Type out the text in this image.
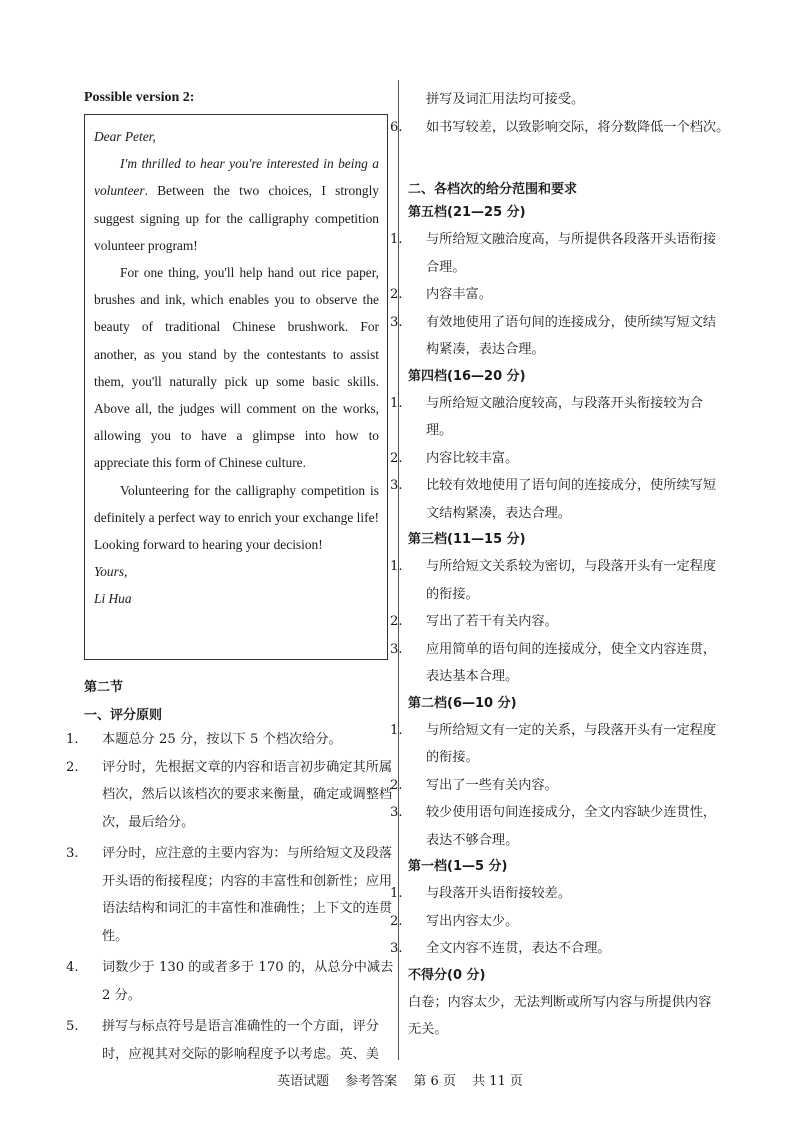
Possible version 2:

Dear Peter,

I'm thrilled to hear you're interested in being a volunteer. Between the two choices, I strongly suggest signing up for the calligraphy competition volunteer program!

For one thing, you'll help hand out rice paper, brushes and ink, which enables you to observe the beauty of traditional Chinese brushwork. For another, as you stand by the contestants to assist them, you'll naturally pick up some basic skills. Above all, the judges will comment on the works, allowing you to have a glimpse into how to appreciate this form of Chinese culture.

Volunteering for the calligraphy competition is definitely a perfect way to enrich your exchange life! Looking forward to hearing your decision!

Yours,

Li Hua

第二节
一、评分原则
1. 本题总分 25 分，按以下 5 个档次给分。
2. 评分时，先根据文章的内容和语言初步确定其所属档次，然后以该档次的要求来衡量，确定或调整档次，最后给分。
3. 评分时，应注意的主要内容为：与所给短文及段落开头语的衔接程度；内容的丰富性和创新性；应用语法结构和词汇的丰富性和准确性；上下文的连贯性。
4. 词数少于 130 的或者多于 170 的，从总分中减去 2 分。
5. 拼写与标点符号是语言准确性的一个方面，评分时，应视其对交际的影响程度予以考虑。英、美
拼写及词汇用法均可接受。
6. 如书写较差，以致影响交际，将分数降低一个档次。
二、各档次的给分范围和要求
第五档(21—25 分)
1. 与所给短文融洽度高，与所提供各段落开头语衔接合理。
2. 内容丰富。
3. 有效地使用了语句间的连接成分，使所续写短文结构紧凑，表达合理。
第四档(16—20 分)
1. 与所给短文融洽度较高，与段落开头衔接较为合理。
2. 内容比较丰富。
3. 比较有效地使用了语句间的连接成分，使所续写短文结构紧凑，表达合理。
第三档(11—15 分)
1. 与所给短文关系较为密切，与段落开头有一定程度的衔接。
2. 写出了若干有关内容。
3. 应用简单的语句间的连接成分，使全文内容连贯，表达基本合理。
第二档(6—10 分)
1. 与所给短文有一定的关系，与段落开头有一定程度的衔接。
2. 写出了一些有关内容。
3. 较少使用语句间连接成分，全文内容缺少连贯性，表达不够合理。
第一档(1—5 分)
1. 与段落开头语衔接较差。
2. 写出内容太少。
3. 全文内容不连贯，表达不合理。
不得分(0 分)
白卷；内容太少，无法判断或所写内容与所提供内容无关。
英语试题 参考答案 第 6 页 共 11 页
